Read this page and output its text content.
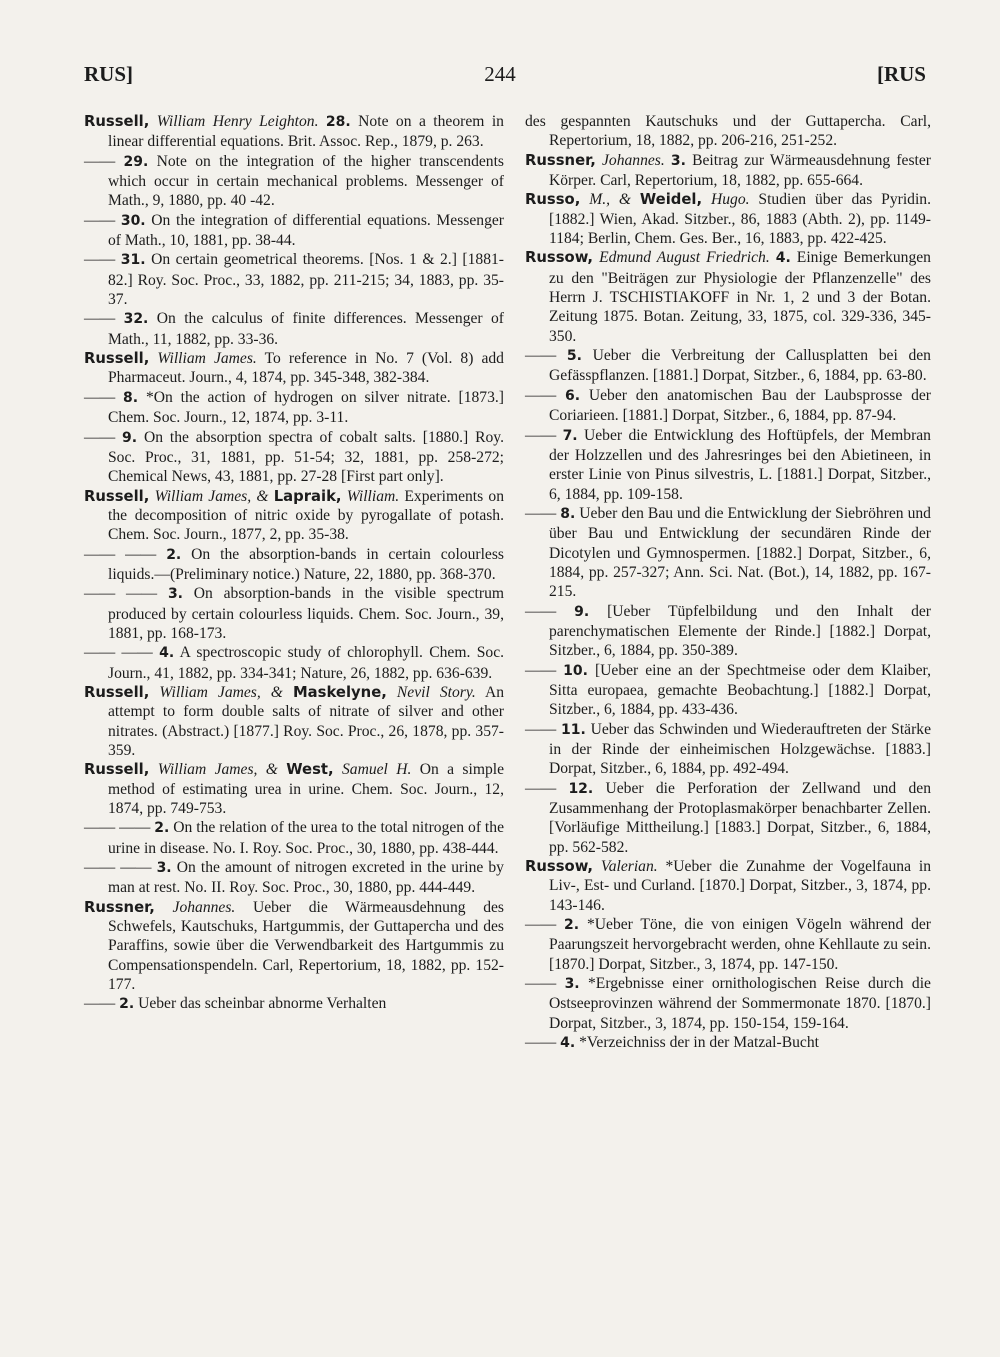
RUS]	244	[RUS
Russell, William Henry Leighton. 28. Note on a theorem in linear differential equations. Brit. Assoc. Rep., 1879, p. 263.
—— 29. Note on the integration of the higher transcendents which occur in certain mechanical problems. Messenger of Math., 9, 1880, pp. 40 -42.
—— 30. On the integration of differential equations. Messenger of Math., 10, 1881, pp. 38-44.
—— 31. On certain geometrical theorems. [Nos. 1 & 2.] [1881-82.] Roy. Soc. Proc., 33, 1882, pp. 211-215; 34, 1883, pp. 35-37.
—— 32. On the calculus of finite differences. Messenger of Math., 11, 1882, pp. 33-36.
Russell, William James. To reference in No. 7 (Vol. 8) add Pharmaceut. Journ., 4, 1874, pp. 345-348, 382-384.
—— 8. *On the action of hydrogen on silver nitrate. [1873.] Chem. Soc. Journ., 12, 1874, pp. 3-11.
—— 9. On the absorption spectra of cobalt salts. [1880.] Roy. Soc. Proc., 31, 1881, pp. 51-54; 32, 1881, pp. 258-272; Chemical News, 43, 1881, pp. 27-28 [First part only].
Russell, William James, & Lapraik, William. Experiments on the decomposition of nitric oxide by pyrogallate of potash. Chem. Soc. Journ., 1877, 2, pp. 35-38.
—— —— 2. On the absorption-bands in certain colourless liquids.—(Preliminary notice.) Nature, 22, 1880, pp. 368-370.
—— —— 3. On absorption-bands in the visible spectrum produced by certain colourless liquids. Chem. Soc. Journ., 39, 1881, pp. 168-173.
—— —— 4. A spectroscopic study of chlorophyll. Chem. Soc. Journ., 41, 1882, pp. 334-341; Nature, 26, 1882, pp. 636-639.
Russell, William James, & Maskelyne, Nevil Story. An attempt to form double salts of nitrate of silver and other nitrates. (Abstract.) [1877.] Roy. Soc. Proc., 26, 1878, pp. 357-359.
Russell, William James, & West, Samuel H. On a simple method of estimating urea in urine. Chem. Soc. Journ., 12, 1874, pp. 749-753.
—— —— 2. On the relation of the urea to the total nitrogen of the urine in disease. No. I. Roy. Soc. Proc., 30, 1880, pp. 438-444.
—— —— 3. On the amount of nitrogen excreted in the urine by man at rest. No. II. Roy. Soc. Proc., 30, 1880, pp. 444-449.
Russner, Johannes. Ueber die Wärmeausdehnung des Schwefels, Kautschuks, Hartgummis, der Guttapercha und des Paraffins, sowie über die Verwendbarkeit des Hartgummis zu Compensationspendeln. Carl, Repertorium, 18, 1882, pp. 152-177.
—— 2. Ueber das scheinbar abnorme Verhalten
des gespannten Kautschuks und der Guttapercha. Carl, Repertorium, 18, 1882, pp. 206-216, 251-252.
Russner, Johannes. 3. Beitrag zur Wärmeausdehnung fester Körper. Carl, Repertorium, 18, 1882, pp. 655-664.
Russo, M., & Weidel, Hugo. Studien über das Pyridin. [1882.] Wien, Akad. Sitzber., 86, 1883 (Abth. 2), pp. 1149-1184; Berlin, Chem. Ges. Ber., 16, 1883, pp. 422-425.
Russow, Edmund August Friedrich. 4. Einige Bemerkungen zu den "Beiträgen zur Physiologie der Pflanzenzelle" des Herrn J. TSCHISTIAKOFF in Nr. 1, 2 und 3 der Botan. Zeitung 1875. Botan. Zeitung, 33, 1875, col. 329-336, 345-350.
—— 5. Ueber die Verbreitung der Callusplatten bei den Gefässpflanzen. [1881.] Dorpat, Sitzber., 6, 1884, pp. 63-80.
—— 6. Ueber den anatomischen Bau der Laubsprosse der Coriarieen. [1881.] Dorpat, Sitzber., 6, 1884, pp. 87-94.
—— 7. Ueber die Entwicklung des Hoftüpfels, der Membran der Holzzellen und des Jahresringes bei den Abietineen, in erster Linie von Pinus silvestris, L. [1881.] Dorpat, Sitzber., 6, 1884, pp. 109-158.
—— 8. Ueber den Bau und die Entwicklung der Siebröhren und über Bau und Entwicklung der secundären Rinde der Dicotylen und Gymnospermen. [1882.] Dorpat, Sitzber., 6, 1884, pp. 257-327; Ann. Sci. Nat. (Bot.), 14, 1882, pp. 167-215.
—— 9. [Ueber Tüpfelbildung und den Inhalt der parenchymatischen Elemente der Rinde.] [1882.] Dorpat, Sitzber., 6, 1884, pp. 350-389.
—— 10. [Ueber eine an der Spechtmeise oder dem Klaiber, Sitta europaea, gemachte Beobachtung.] [1882.] Dorpat, Sitzber., 6, 1884, pp. 433-436.
—— 11. Ueber das Schwinden und Wiederauftreten der Stärke in der Rinde der einheimischen Holzgewächse. [1883.] Dorpat, Sitzber., 6, 1884, pp. 492-494.
—— 12. Ueber die Perforation der Zellwand und den Zusammenhang der Protoplasmakörper benachbarter Zellen. [Vorläufige Mittheilung.] [1883.] Dorpat, Sitzber., 6, 1884, pp. 562-582.
Russow, Valerian. *Ueber die Zunahme der Vogelfauna in Liv-, Est- und Curland. [1870.] Dorpat, Sitzber., 3, 1874, pp. 143-146.
—— 2. *Ueber Töne, die von einigen Vögeln während der Paarungszeit hervorgebracht werden, ohne Kehllaute zu sein. [1870.] Dorpat, Sitzber., 3, 1874, pp. 147-150.
—— 3. *Ergebnisse einer ornithologischen Reise durch die Ostseeprovinzen während der Sommermonate 1870. [1870.] Dorpat, Sitzber., 3, 1874, pp. 150-154, 159-164.
—— 4. *Verzeichniss der in der Matzal-Bucht
